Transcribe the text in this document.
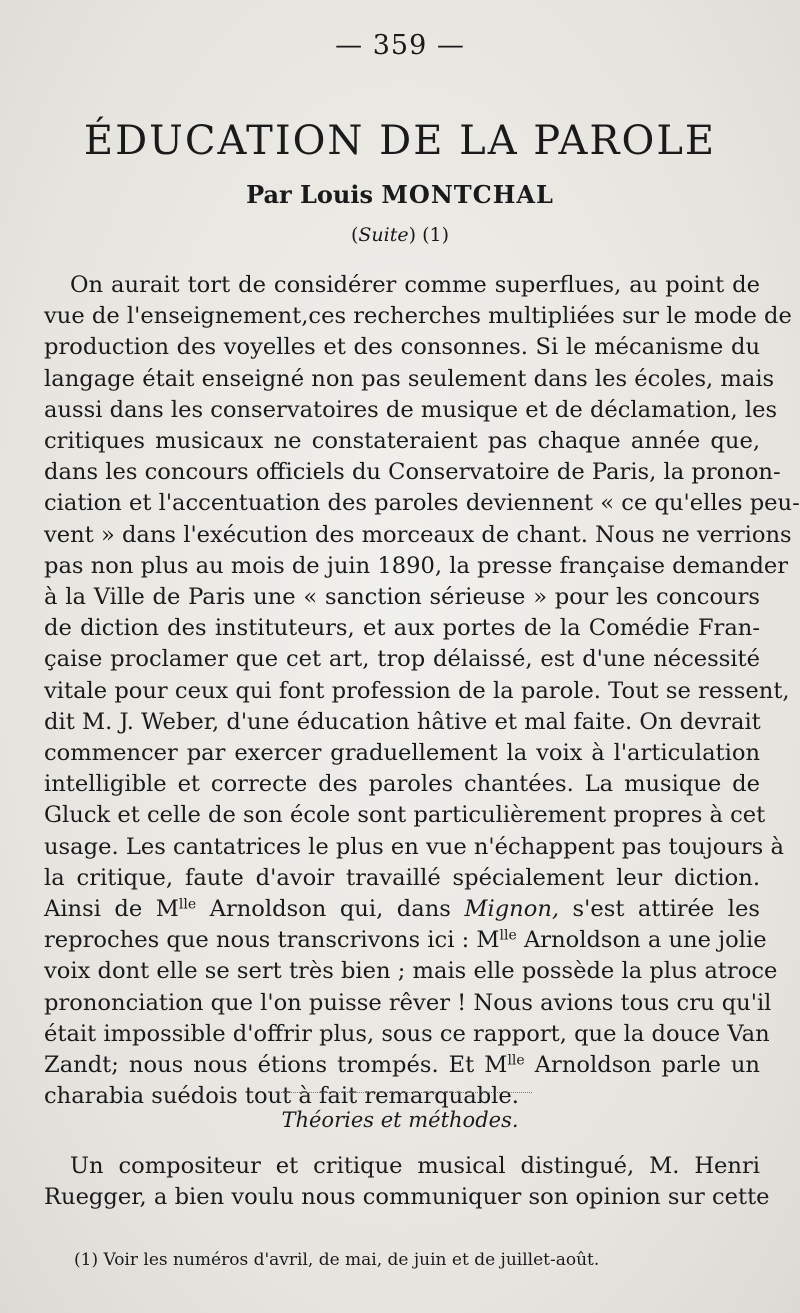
— 359 —
ÉDUCATION DE LA PAROLE
Par Louis MONTCHAL
(Suite) (1)
On aurait tort de considérer comme superflues, au point de
vue de l'enseignement,ces recherches multipliées sur le mode de
production des voyelles et des consonnes. Si le mécanisme du
langage était enseigné non pas seulement dans les écoles, mais
aussi dans les conservatoires de musique et de déclamation, les
critiques musicaux ne constateraient pas chaque année que,
dans les concours officiels du Conservatoire de Paris, la pronon-
ciation et l'accentuation des paroles deviennent « ce qu'elles peu-
vent » dans l'exécution des morceaux de chant. Nous ne verrions
pas non plus au mois de juin 1890, la presse française demander
à la Ville de Paris une « sanction sérieuse » pour les concours
de diction des instituteurs, et aux portes de la Comédie Fran-
çaise proclamer que cet art, trop délaissé, est d'une nécessité
vitale pour ceux qui font profession de la parole. Tout se ressent,
dit M. J. Weber, d'une éducation hâtive et mal faite. On devrait
commencer par exercer graduellement la voix à l'articulation
intelligible et correcte des paroles chantées. La musique de
Gluck et celle de son école sont particulièrement propres à cet
usage. Les cantatrices le plus en vue n'échappent pas toujours à
la critique, faute d'avoir travaillé spécialement leur diction.
Ainsi de $M^{lle}$ Arnoldson qui, dans Mignon, s'est attirée les
reproches que nous transcrivons ici : $M^{lle}$ Arnoldson a une jolie
voix dont elle se sert très bien ; mais elle possède la plus atroce
prononciation que l'on puisse rêver ! Nous avions tous cru qu'il
était impossible d'offrir plus, sous ce rapport, que la douce Van
Zandt; nous nous étions trompés. Et $M^{lle}$ Arnoldson parle un
charabia suédois tout à fait remarquable.
Théories et méthodes.
Un compositeur et critique musical distingué, M. Henri
Ruegger, a bien voulu nous communiquer son opinion sur cette
(1) Voir les numéros d'avril, de mai, de juin et de juillet-août.
